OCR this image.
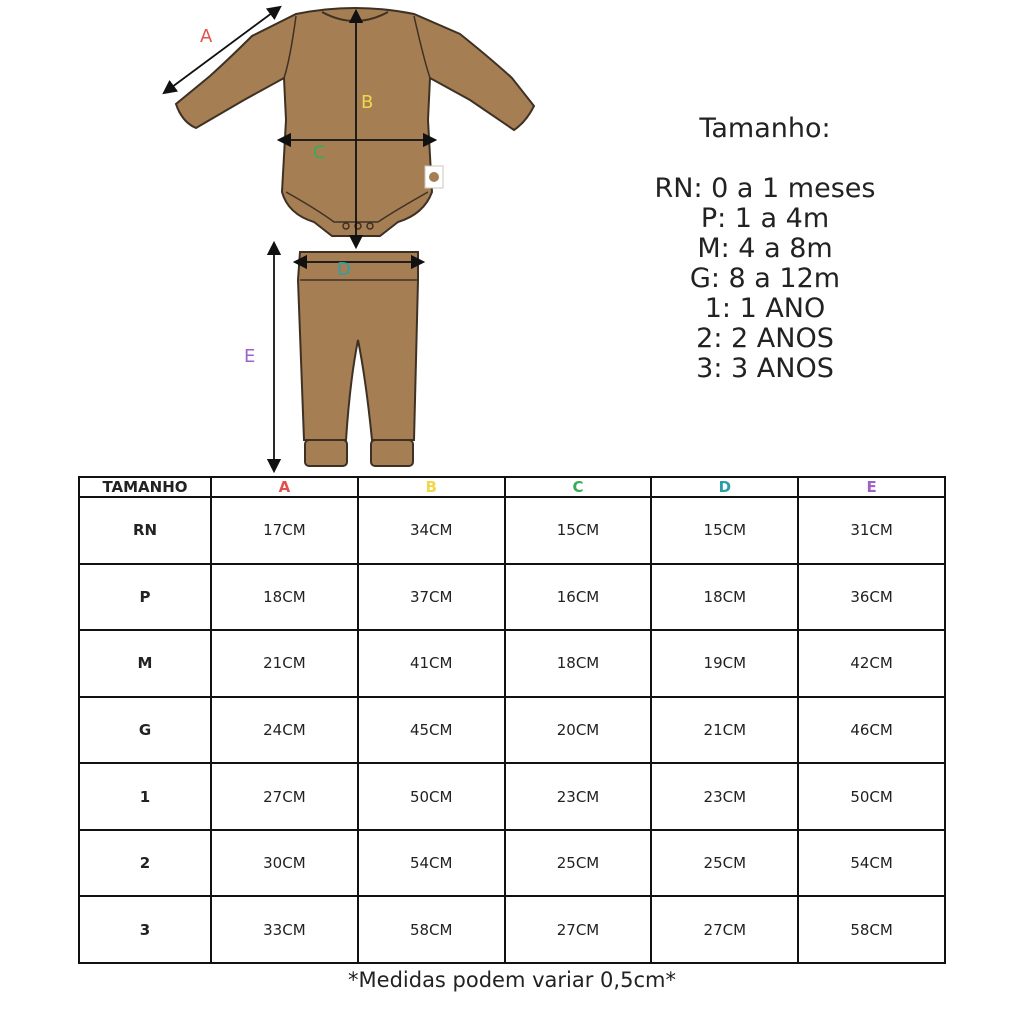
A
B
C
D
E
Tamanho:
RN: 0 a 1 meses
P: 1 a 4m
M: 4 a 8m
G: 8 a 12m
1: 1 ANO
2: 2 ANOS
3: 3 ANOS
TAMANHO	A	B	C	D	E
RN	17CM	34CM	15CM	15CM	31CM
P	18CM	37CM	16CM	18CM	36CM
M	21CM	41CM	18CM	19CM	42CM
G	24CM	45CM	20CM	21CM	46CM
1	27CM	50CM	23CM	23CM	50CM
2	30CM	54CM	25CM	25CM	54CM
3	33CM	58CM	27CM	27CM	58CM
*Medidas podem variar 0,5cm*
